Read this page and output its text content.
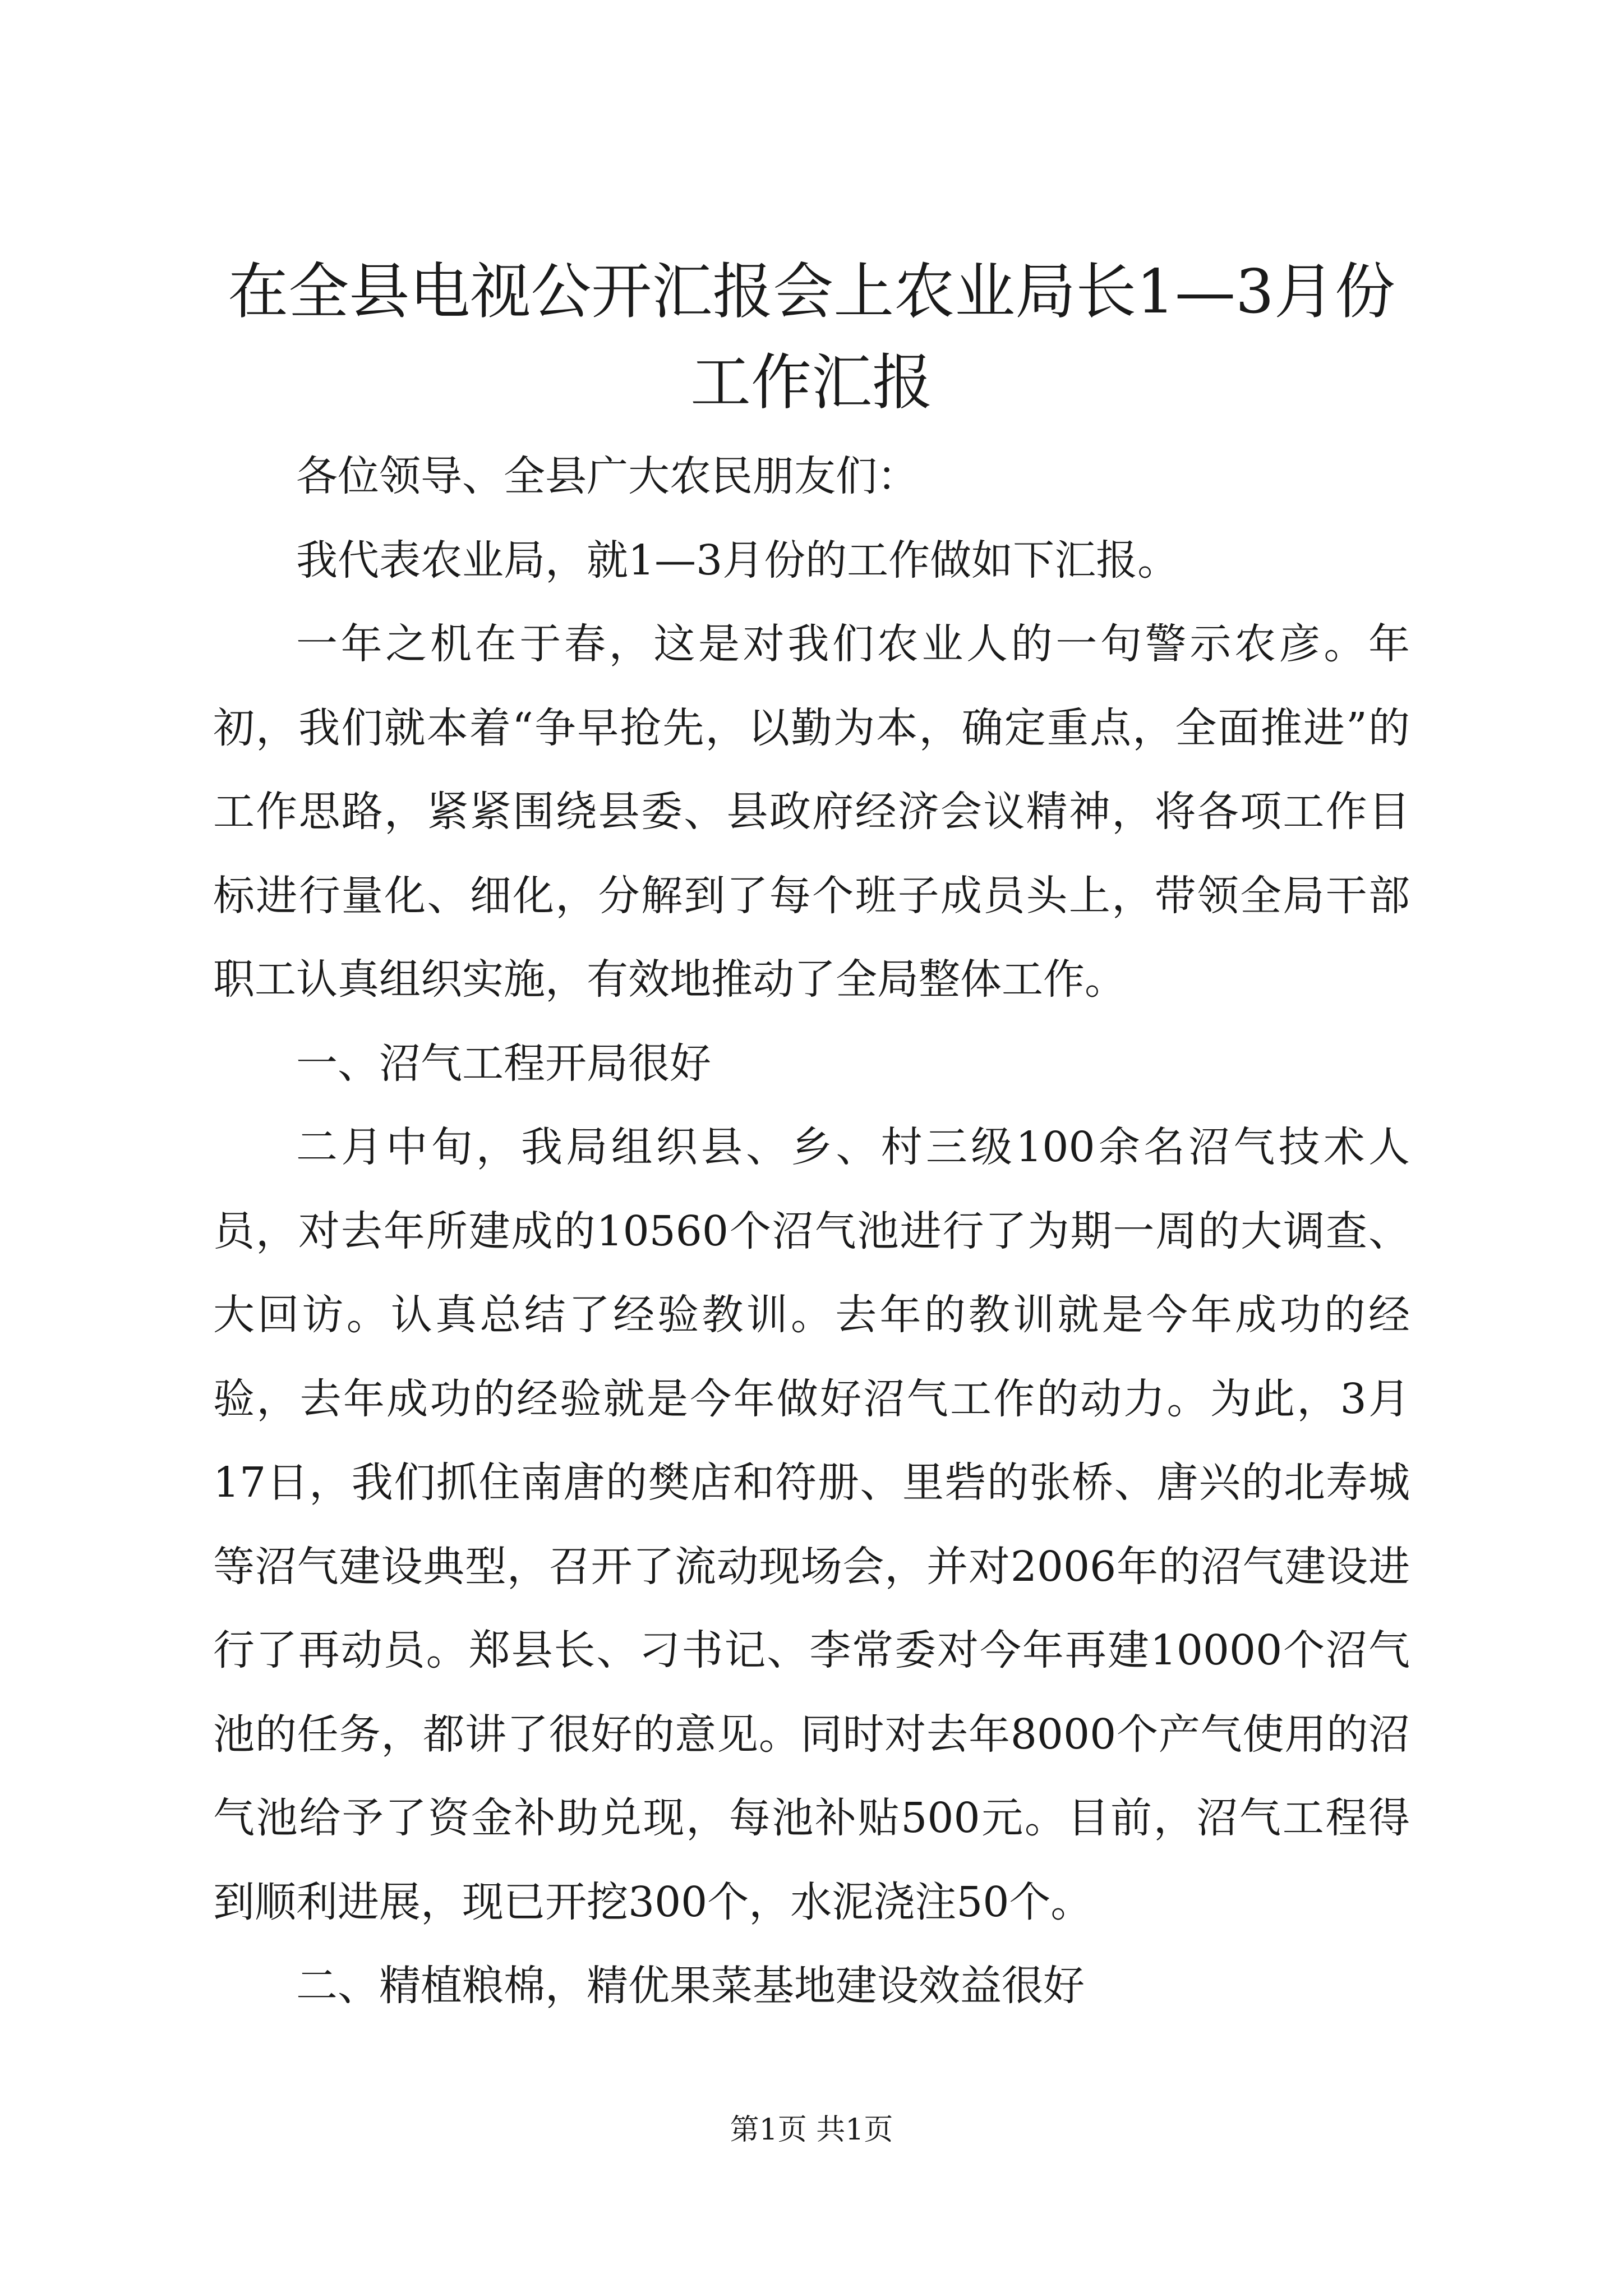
在全县电视公开汇报会上农业局长1—3月份工作汇报

各位领导、全县广大农民朋友们：

我代表农业局，就1—3月份的工作做如下汇报。

一年之机在于春，这是对我们农业人的一句警示农彦。年初，我们就本着“争早抢先，以勤为本，确定重点，全面推进”的工作思路，紧紧围绕县委、县政府经济会议精神，将各项工作目标进行量化、细化，分解到了每个班子成员头上，带领全局干部职工认真组织实施，有效地推动了全局整体工作。

一、沼气工程开局很好

二月中旬，我局组织县、乡、村三级100余名沼气技术人员，对去年所建成的10560个沼气池进行了为期一周的大调查、大回访。认真总结了经验教训。去年的教训就是今年成功的经验，去年成功的经验就是今年做好沼气工作的动力。为此，3月17日，我们抓住南唐的樊店和符册、里砦的张桥、唐兴的北寿城等沼气建设典型，召开了流动现场会，并对2006年的沼气建设进行了再动员。郑县长、刁书记、李常委对今年再建10000个沼气池的任务，都讲了很好的意见。同时对去年8000个产气使用的沼气池给予了资金补助兑现，每池补贴500元。目前，沼气工程得到顺利进展，现已开挖300个，水泥浇注50个。

二、精植粮棉，精优果菜基地建设效益很好

第1页 共1页
